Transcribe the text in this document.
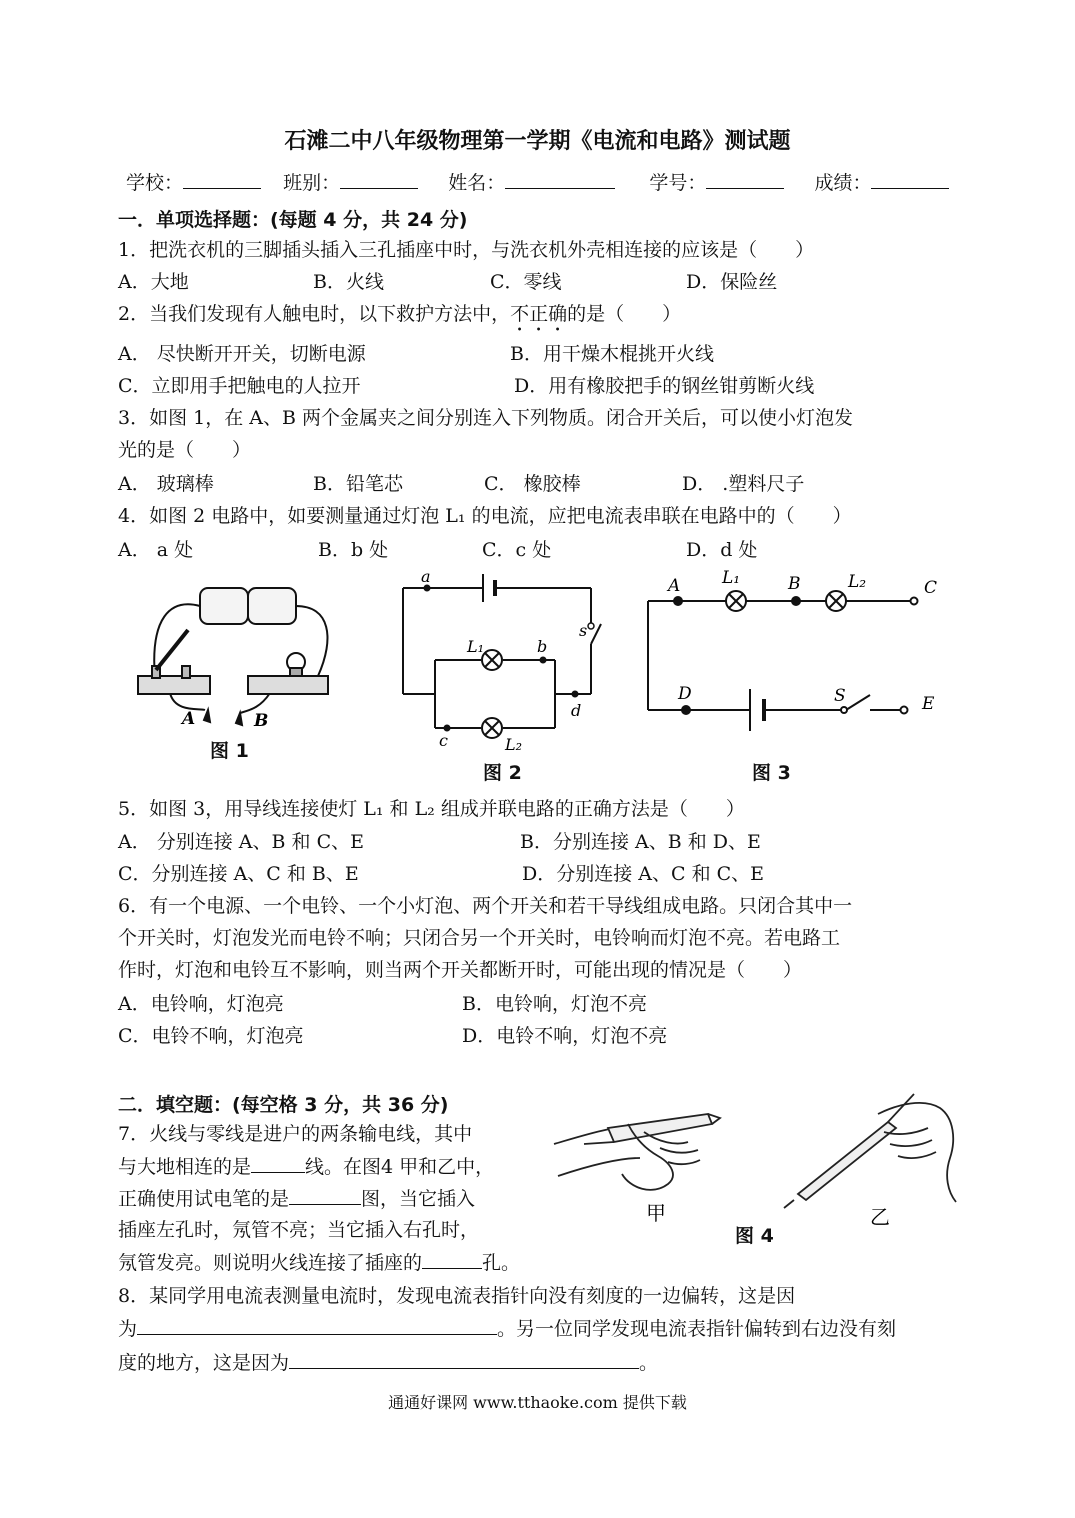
石滩二中八年级物理第一学期《电流和电路》测试题
学校：	班别：	姓名：	学号：	成绩：
一．单项选择题：(每题 4 分，共 24 分)
1．把洗衣机的三脚插头插入三孔插座中时，与洗衣机外壳相连接的应该是（　　）
A．大地	B．火线	C．零线	D．保险丝
2．当我们发现有人触电时，以下救护方法中，不正确的是（　　）
A． 尽快断开开关，切断电源	B．用干燥木棍挑开火线
C．立即用手把触电的人拉开	D．用有橡胶把手的钢丝钳剪断火线
3．如图 1，在 A、B 两个金属夹之间分别连入下列物质。闭合开关后，可以使小灯泡发
光的是（　　）
A． 玻璃棒	B．铅笔芯	C． 橡胶棒	D． .塑料尺子
4．如图 2 电路中，如要测量通过灯泡 L₁ 的电流，应把电流表串联在电路中的（　　）
A． a 处	B．b 处	C．c 处	D．d 处
A	B
图 1
a
b
c
d
s
L₁
L₂
图 2
A L₁	B	L₂	C
D	S	E
图 3
5．如图 3，用导线连接使灯 L₁ 和 L₂ 组成并联电路的正确方法是（　　）
A． 分别连接 A、B 和 C、E	B．分别连接 A、B 和 D、E
C．分别连接 A、C 和 B、E	D．分别连接 A、C 和 C、E
6．有一个电源、一个电铃、一个小灯泡、两个开关和若干导线组成电路。只闭合其中一
个开关时，灯泡发光而电铃不响；只闭合另一个开关时，电铃响而灯泡不亮。若电路工
作时，灯泡和电铃互不影响，则当两个开关都断开时，可能出现的情况是（　　）
A．电铃响，灯泡亮	B．电铃响，灯泡不亮
C．电铃不响，灯泡亮	D．电铃不响，灯泡不亮
二．填空题：(每空格 3 分，共 36 分)
7．火线与零线是进户的两条输电线，其中
与大地相连的是	线。在图4 甲和乙中，
正确使用试电笔的是	图，当它插入
插座左孔时，氖管不亮；当它插入右孔时，
氖管发亮。则说明火线连接了插座的	孔。
甲	乙
图 4
8．某同学用电流表测量电流时，发现电流表指针向没有刻度的一边偏转，这是因
为	。另一位同学发现电流表指针偏转到右边没有刻
度的地方，这是因为	。
通通好课网 www.tthaoke.com 提供下载
